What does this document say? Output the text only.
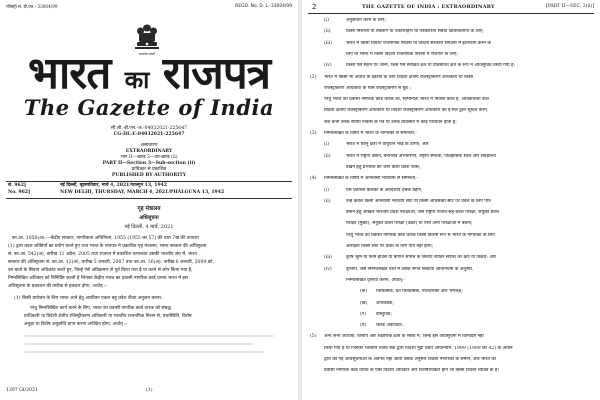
रजिस्ट्री सं. डी.एल.- 33004/99	REGD. No. D. L.-33004/99
सत्यमेव जयते
भारत का राजपत्र
The Gazette of India
सी.जी.-डी.एल.-अ.-04032021-225647
CG-DL-E-04032021-225647
असाधारण
EXTRAORDINARY
भाग II—खण्ड 3—उप-खण्ड (ii)
PART II—Section 3—Sub-section (ii)
प्राधिकार से प्रकाशित
PUBLISHED BY AUTHORITY
सं. 962]	नई दिल्ली, बृहस्पतिवार, मार्च 4, 2021/फाल्गुन 13, 1942
No. 962]	NEW DELHI, THURSDAY, MARCH 4, 2021/PHALGUNA 13, 1942
गृह मंत्रालय
अधिसूचना
नई दिल्ली, 4 मार्च, 2021
का.आ. 1050(अ).—केंद्रीय सरकार, नागरिकता अधिनियम, 1955 (1955 का 57) की धारा 7ख की उपधारा
(1) द्वारा प्रदत्त शक्तियों का प्रयोग करते हुए तथा भारत के राजपत्र में प्रकाशित गृह मंत्रालय, भारत सरकार की अधिसूचना
सं. का.आ. 542(अ), तारीख 11 अप्रैल, 2005 तथा राजपत्र में प्रकाशित तत्पश्चात उसकी भारतीय संघ में, भारत
सरकार की अधिसूचना सं. का.आ. 12(अ), तारीख 5 जनवरी, 2007 तथा का.आ. 36(अ), तारीख 6 जनवरी, 2009 को,
उन बातों के सिवाय अधिक्रांत करते हुए, जिन्हें ऐसे अधिक्रमण से पूर्व किया गया है या करने से लोप किया गया है,
निम्नलिखित अधिकार को विनिर्दिष्ट करती है जिनका केंद्रीय भारत का प्रवासी नागरिक कार्ड धारक भारत में इस
अधिसूचना के प्रकाशन की तारीख से हकदार होगा, अर्थात् :-
(1) किसी प्रयोजन के लिए भारत आने हेतु आजीवन एकल बहु प्रवेश वीजा अनुदान करना:
परंतु निम्नलिखित कार्य करने के लिए, भारत का प्रवासी नागरिक कार्ड धारक को संबद्ध
प्राधिकारी या विदेशी क्षेत्रीय रजिस्ट्रीकरण अधिकारी या भारतीय राजनयिक मिशन से, यथास्थिति, विशेष
अनुज्ञा या विशेष अनुज्ञप्ति प्राप्त करना अपेक्षित होगा, अर्थात् :-
1397 GI/2021	(1)
2	THE GAZETTE OF INDIA : EXTRAORDINARY	[PART II—SEC. 3(ii)]
(i)	अनुसंधान करने के लिए;
(ii)	किसी मिशनरी या तबलीग या पर्वतारोहण या पत्रकारिता संबंधी क्रियाकलापों के लिए;
(iii)	भारत में किसी विदेशी राजनयिक मिशनों या विदेशी सरकारी संगठनों में इंटर्नशिप करने के
लिए या भारत में किसी विदेशी राजनयिक मिशनों में रोजगार के लिए;
(iv)	किसी ऐसे स्थान पर जाना, जिसे ऐसे संरक्षित क्षेत्र या प्रतिबंधित क्षेत्र के रूप में अधिसूचित किया गया है;
(2) भारत में किसी भी अवधि के ठहराव के लिए विदेशी क्षेत्रीय रजिस्ट्रीकरण अधिकारी या किसी
रजिस्ट्रीकरण अधिकारी के पास रजिस्ट्रीकरण से छूट :
परंतु भारत का प्रवासी नागरिक कार्ड धारक जो, सामान्यतः भारत में निवास करते हैं, अधिकारिता वाले
विदेशी क्षेत्रीय रजिस्ट्रीकरण अधिकारी या विदेशी रजिस्ट्रीकरण अधिकारी को ई-मेल द्वारा सूचित करेंगे,
जब कभी उनके स्थायी निवास के पते या उनके व्यवसाय में कोई परिवर्तन होता है;
(3) निम्नलिखित के विषय में भारत के नागरिकों से समानता,-
(i)	भारत में घरेलू क्षेत्रों में वायुयान भाड़े के टैरिफ; और
(ii)	भारत में राष्ट्रीय उद्यान, वन्यजीव अभयारण्य, राष्ट्रीय स्मारक, ऐतिहासिक स्थल और संग्रहालय
देखने हेतु प्रभारित की जाने वाली प्रवेश फीस;
(4) निम्नलिखित के विषय में अनिवासी भारतीयों से समानता,-
(i)	ऐसे प्रत्याशी बालकों के अंतर्देशीय दत्तक ग्रहण;
(ii)	उन्हें केवल किसी अनिवासी भारतीय सीट या किसी अधिसंख्य सीट पर प्रवेश के लिए पात्र
बनाने हेतु अखिल भारतीय प्रवेश परीक्षाओं, जैसे राष्ट्रीय पात्रता-सह-प्रवेश परीक्षा, संयुक्त प्रवेश
परीक्षा (मुख्य), संयुक्त प्रवेश परीक्षा (उन्नत) या ऐसी अन्य परीक्षाओं में बैठना;
परंतु भारत का प्रवासी नागरिक कार्ड धारक किसी विशिष्ट रूप से भारत के नागरिकों के लिए
आरक्षित किसी सीट पर प्रवेश के लिए पात्र नहीं होगा;
(iii)	कृषि भूमि या फार्म हाउस या बागान संपत्ति के सिवाय स्थावर संपत्ति का क्रय या विक्रय; और
(iv)	वृत्तियों, जैसे निम्नलिखित पेशों में उसके संगत निकायों अधिनियमों के अनुसार,
निम्नलिखित वृत्तियां करना, अर्थात्:-
(क) चिकित्सक, दंत चिकित्सक, परिचारिका और भेषजज्ञ;
(ख) अधिवक्ता;
(ग) वास्तुविद;
(घ) चार्टर्ड अकाउंटेंट;
(5) अन्य सभी आर्थिक, वित्तीय और शैक्षणिक क्षेत्रों के संबंध में, जिन्हें इस अधिसूचना में विनिर्दिष्ट नहीं
किया गया है या जिनकी भारतीय रिजर्व बैंक द्वारा विदेशी मुद्रा प्रबंध अधिनियम, 1999 (1999 का 42) के अधीन
द्वारा की गई अधिसूचनाओं के अंतर्गत नहीं आता उसके अनुसार विदेशी नागरिकों के समान, और भारत का
प्रवासी नागरिक कार्ड धारक के पास विदेशी अधिकार और विशेषाधिकार होंगे जो किसी विदेशी व्यक्ति के हैं।
